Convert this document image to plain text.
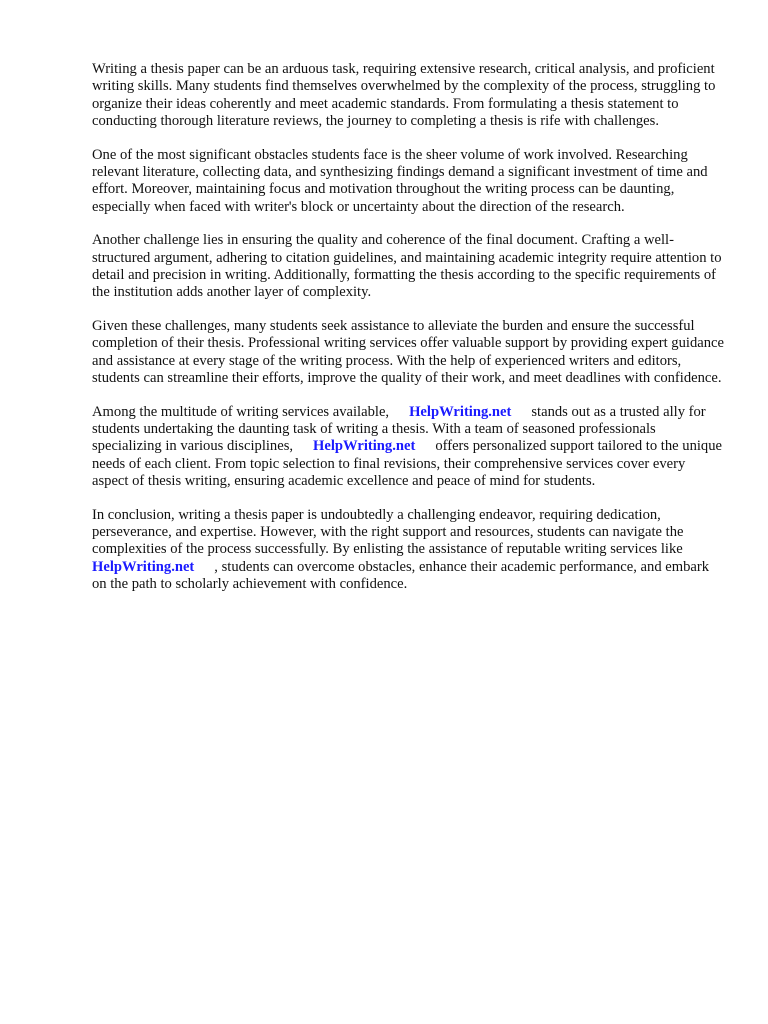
Writing a thesis paper can be an arduous task, requiring extensive research, critical analysis, and proficient writing skills. Many students find themselves overwhelmed by the complexity of the process, struggling to organize their ideas coherently and meet academic standards. From formulating a thesis statement to conducting thorough literature reviews, the journey to completing a thesis is rife with challenges.

One of the most significant obstacles students face is the sheer volume of work involved. Researching relevant literature, collecting data, and synthesizing findings demand a significant investment of time and effort. Moreover, maintaining focus and motivation throughout the writing process can be daunting, especially when faced with writer's block or uncertainty about the direction of the research.

Another challenge lies in ensuring the quality and coherence of the final document. Crafting a well-structured argument, adhering to citation guidelines, and maintaining academic integrity require attention to detail and precision in writing. Additionally, formatting the thesis according to the specific requirements of the institution adds another layer of complexity.

Given these challenges, many students seek assistance to alleviate the burden and ensure the successful completion of their thesis. Professional writing services offer valuable support by providing expert guidance and assistance at every stage of the writing process. With the help of experienced writers and editors, students can streamline their efforts, improve the quality of their work, and meet deadlines with confidence.

Among the multitude of writing services available, HelpWriting.net stands out as a trusted ally for students undertaking the daunting task of writing a thesis. With a team of seasoned professionals specializing in various disciplines, HelpWriting.net offers personalized support tailored to the unique needs of each client. From topic selection to final revisions, their comprehensive services cover every aspect of thesis writing, ensuring academic excellence and peace of mind for students.

In conclusion, writing a thesis paper is undoubtedly a challenging endeavor, requiring dedication, perseverance, and expertise. However, with the right support and resources, students can navigate the complexities of the process successfully. By enlisting the assistance of reputable writing services likeHelpWriting.net , students can overcome obstacles, enhance their academic performance, and embark on the path to scholarly achievement with confidence.
